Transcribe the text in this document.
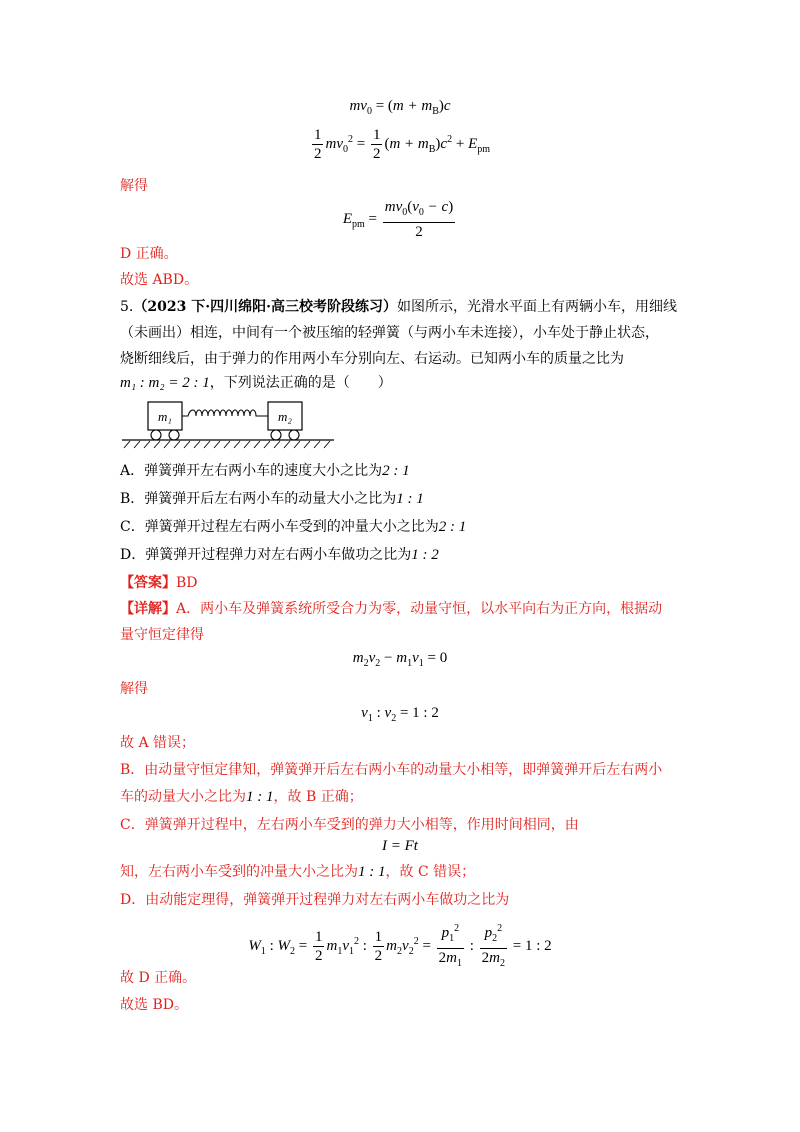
$mv_0 = (m + m_B)c$
$\frac{1}{2} mv_0^2 = \frac{1}{2} (m + m_B)c^2 + E_{pm}$
解得
$E_{pm} = \frac{mv_0(v_0 - c)}{2}$
D 正确。
故选 ABD。
5.（2023 下·四川绵阳·高三校考阶段练习）如图所示，光滑水平面上有两辆小车，用细线
（未画出）相连，中间有一个被压缩的轻弹簧（与两小车未连接），小车处于静止状态，
烧断细线后，由于弹力的作用两小车分别向左、右运动。已知两小车的质量之比为
m₁ : m₂ = 2 : 1，下列说法正确的是（　　）
m₁	m₂
A．弹簧弹开左右两小车的速度大小之比为2 : 1
B．弹簧弹开后左右两小车的动量大小之比为1 : 1
C．弹簧弹开过程左右两小车受到的冲量大小之比为2 : 1
D．弹簧弹开过程弹力对左右两小车做功之比为1 : 2
【答案】BD
【详解】A．两小车及弹簧系统所受合力为零，动量守恒，以水平向右为正方向，根据动
量守恒定律得
$m_2v_2 - m_1v_1 = 0$
解得
$v_1$ : $v_2 = 1$ : 2
故 A 错误；
B．由动量守恒定律知，弹簧弹开后左右两小车的动量大小相等，即弹簧弹开后左右两小
车的动量大小之比为1 : 1，故 B 正确；
C．弹簧弹开过程中，左右两小车受到的弹力大小相等，作用时间相同，由
I = Ft
知，左右两小车受到的冲量大小之比为1 : 1，故 C 错误；
D．由动能定理得，弹簧弹开过程弹力对左右两小车做功之比为
$W_1$ : $W_2 = \frac{1}{2} m_1v_1^2$ : $\frac{1}{2} m_2v_2^2 = \frac{p_1^2}{2m_1}$ : $\frac{p_2^2}{2m_2} = 1$ : 2
故 D 正确。
故选 BD。
